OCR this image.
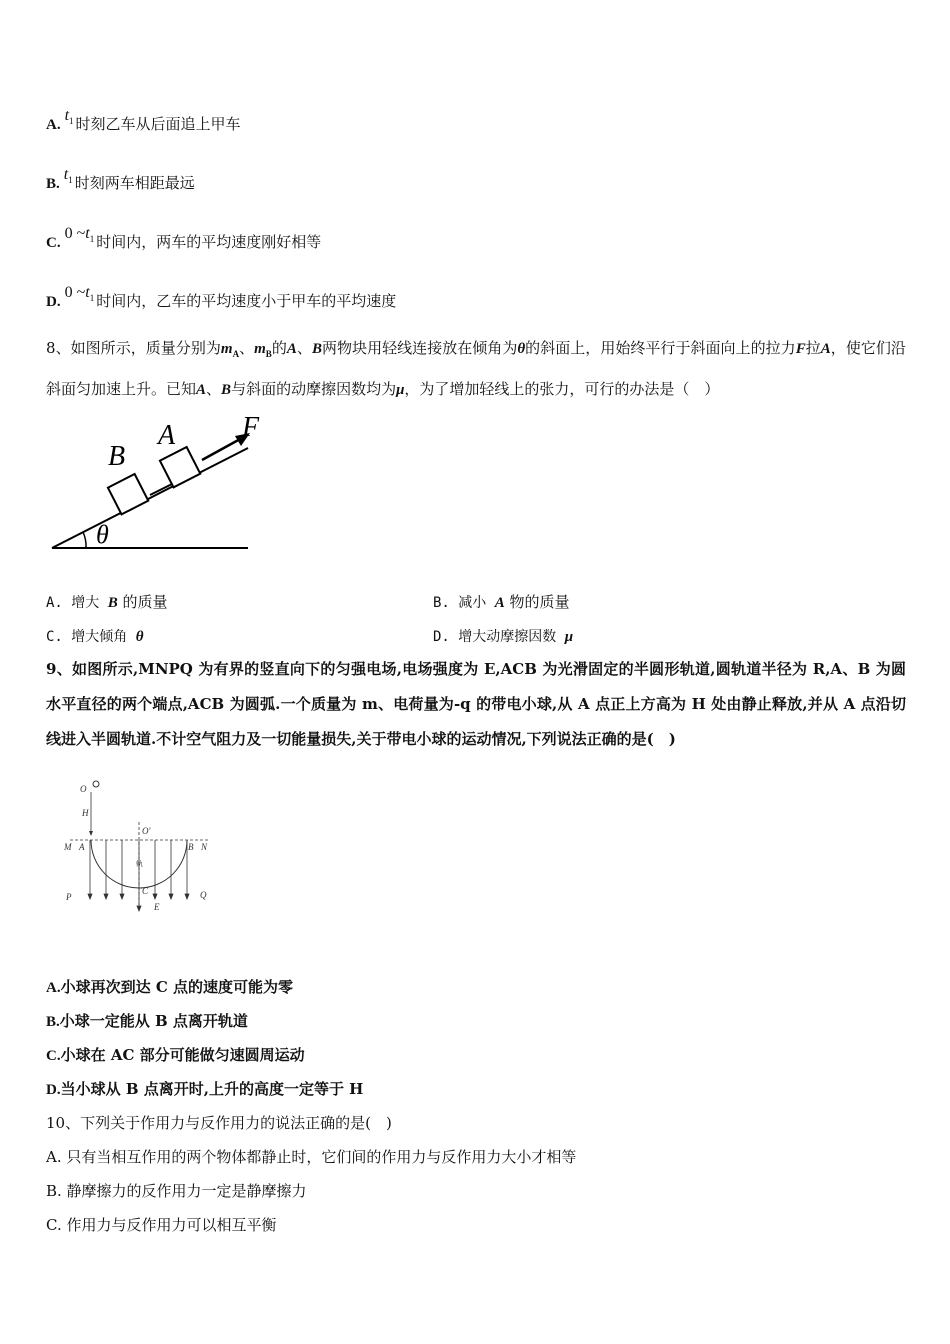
$A.t_1$ 时刻乙车从后面追上甲车
$B.t_1$ 时刻两车相距最远
C.0 $\sim t_1$ 时间内，两车的平均速度刚好相等
D.0 $\sim t_1$ 时间内，乙车的平均速度小于甲车的平均速度
8、如图所示，质量分别为$m_A$、$m_B$的A、B两物块用轻线连接放在倾角为θ的斜面上，用始终平行于斜面向上的拉力F拉A，使它们沿斜面匀加速上升。已知A、B与斜面的动摩擦因数均为μ，为了增加轻线上的张力，可行的办法是（　）
B
A F
θ
A. 增大 B 的质量	B. 减小 A 物的质量
C. 增大倾角 θ	D. 增大动摩擦因数 μ
9、如图所示,MNPQ 为有界的竖直向下的匀强电场,电场强度为 E,ACB 为光滑固定的半圆形轨道,圆轨道半径为 R,A、B 为圆水平直径的两个端点,ACB 为圆弧.一个质量为 m、电荷量为-q 的带电小球,从 A 点正上方高为 H 处由静止释放,并从 A 点沿切线进入半圆轨道.不计空气阻力及一切能量损失,关于带电小球的运动情况,下列说法正确的是(　)
O
H
O'
M A	B N
P
C
E
Q
轨
A.小球再次到达 C 点的速度可能为零
B.小球一定能从 B 点离开轨道
C.小球在 AC 部分可能做匀速圆周运动
D.当小球从 B 点离开时,上升的高度一定等于 H
10、下列关于作用力与反作用力的说法正确的是(　)
A. 只有当相互作用的两个物体都静止时，它们间的作用力与反作用力大小才相等
B. 静摩擦力的反作用力一定是静摩擦力
C. 作用力与反作用力可以相互平衡
